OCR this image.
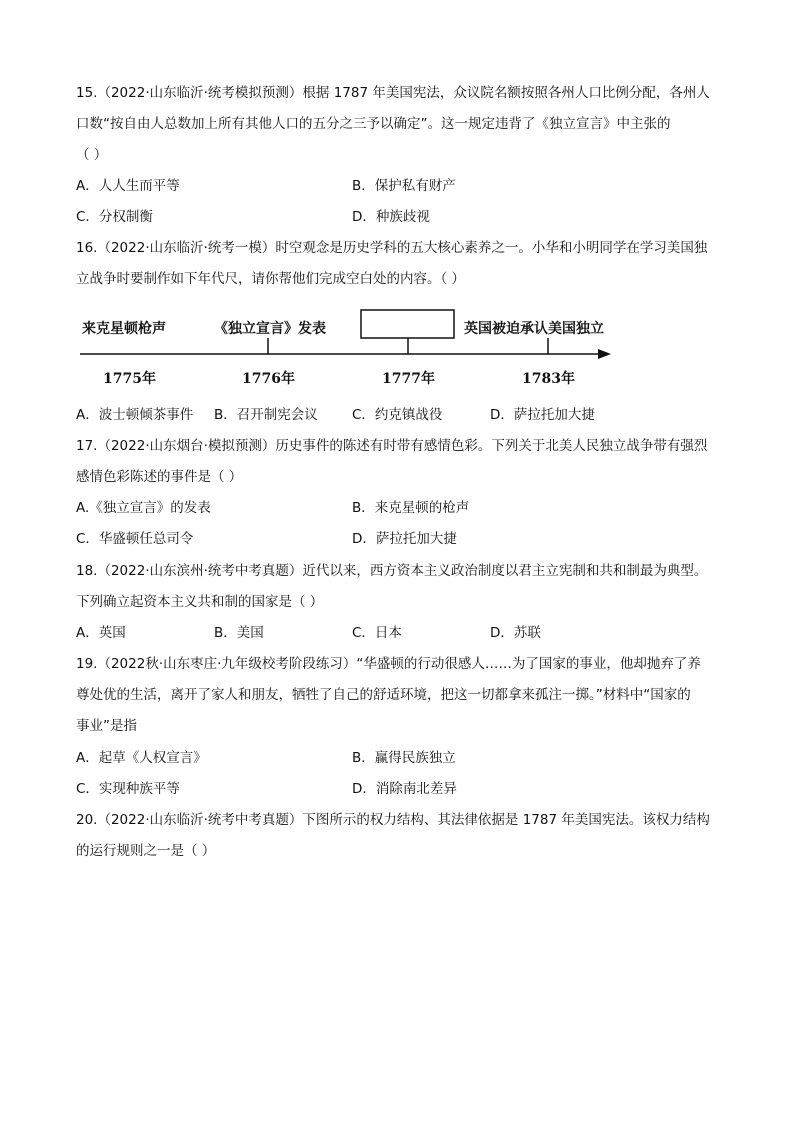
15.（2022·山东临沂·统考模拟预测）根据 1787 年美国宪法，众议院名额按照各州人口比例分配，各州人
口数“按自由人总数加上所有其他人口的五分之三予以确定”。这一规定违背了《独立宣言》中主张的
（ ）
A．人人生而平等	B．保护私有财产
C．分权制衡	D．种族歧视
16.（2022·山东临沂·统考一模）时空观念是历史学科的五大核心素养之一。小华和小明同学在学习美国独
立战争时要制作如下年代尺，请你帮他们完成空白处的内容。（ ）
来克星顿枪声	《独立宣言》发表	英国被迫承认美国独立
1775年	1776年	1777年	1783年
A．波士顿倾茶事件 B．召开制宪会议	C．约克镇战役	D．萨拉托加大捷
17.（2022·山东烟台·模拟预测）历史事件的陈述有时带有感情色彩。下列关于北美人民独立战争带有强烈
感情色彩陈述的事件是（ ）
A.《独立宣言》的发表	B．来克星顿的枪声
C．华盛顿任总司令	D．萨拉托加大捷
18.（2022·山东滨州·统考中考真题）近代以来，西方资本主义政治制度以君主立宪制和共和制最为典型。
下列确立起资本主义共和制的国家是（ ）
A．英国	B．美国	C．日本	D．苏联
19.（2022秋·山东枣庄·九年级校考阶段练习）“华盛顿的行动很感人……为了国家的事业，他却抛弃了养
尊处优的生活，离开了家人和朋友，牺牲了自己的舒适环境，把这一切都拿来孤注一掷。”材料中“国家的
事业”是指
A．起草《人权宣言》	B．赢得民族独立
C．实现种族平等	D．消除南北差异
20.（2022·山东临沂·统考中考真题）下图所示的权力结构、其法律依据是 1787 年美国宪法。该权力结构
的运行规则之一是（ ）
